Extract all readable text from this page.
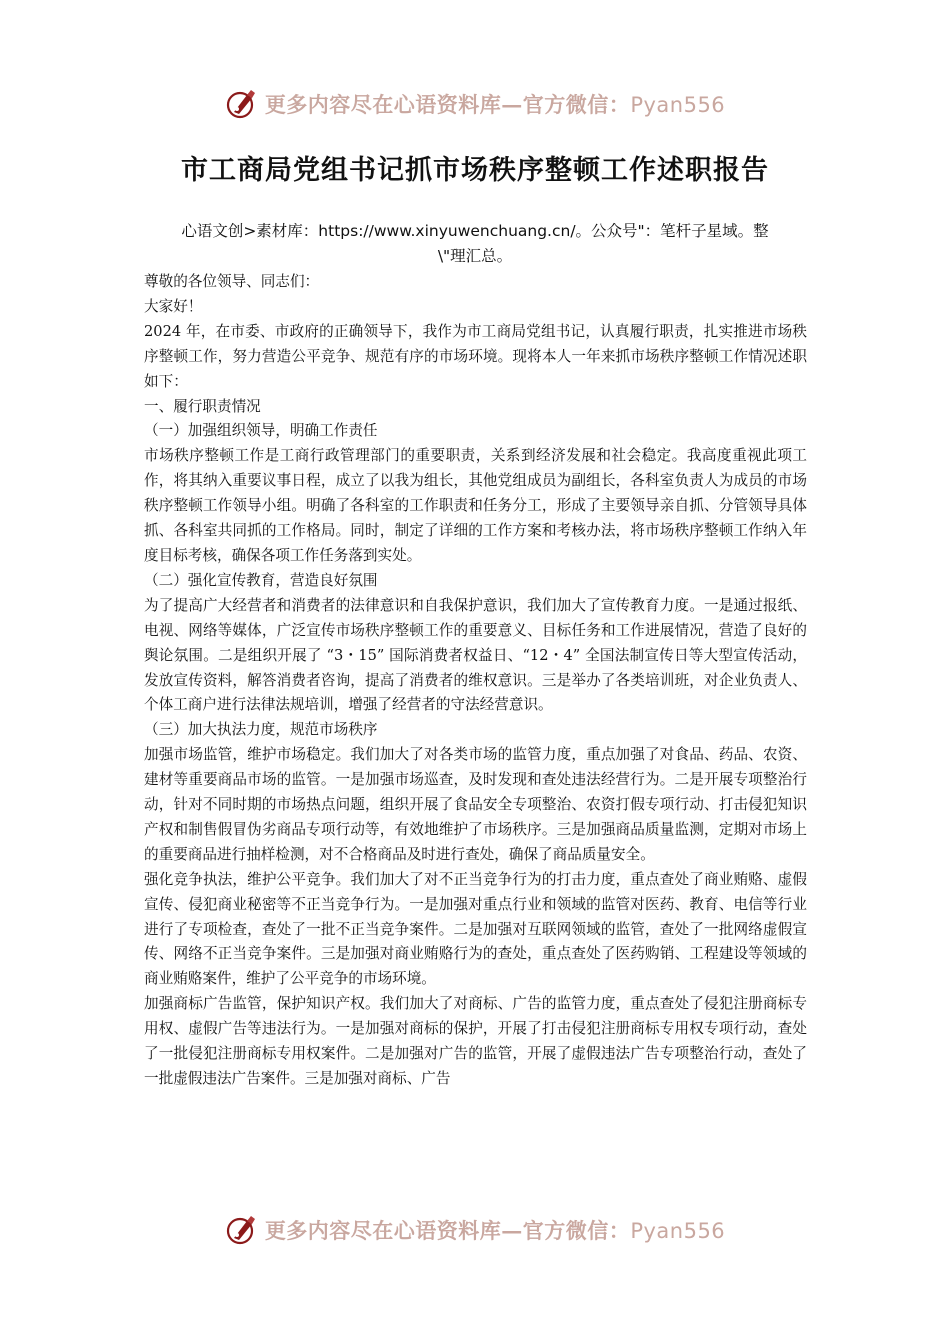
更多内容尽在心语资料库—官方微信：Pyan556
市工商局党组书记抓市场秩序整顿工作述职报告
心语文创>素材库：https://www.xinyuwenchuang.cn/。公众号"：笔杆子星域。整
\"理汇总。

尊敬的各位领导、同志们：

大家好！

2024 年，在市委、市政府的正确领导下，我作为市工商局党组书记，认真履行职责，扎实推进市场秩序整顿工作，努力营造公平竞争、规范有序的市场环境。现将本人一年来抓市场秩序整顿工作情况述职如下：

一、履行职责情况

（一）加强组织领导，明确工作责任

市场秩序整顿工作是工商行政管理部门的重要职责，关系到经济发展和社会稳定。我高度重视此项工作，将其纳入重要议事日程，成立了以我为组长，其他党组成员为副组长，各科室负责人为成员的市场秩序整顿工作领导小组。明确了各科室的工作职责和任务分工，形成了主要领导亲自抓、分管领导具体抓、各科室共同抓的工作格局。同时，制定了详细的工作方案和考核办法，将市场秩序整顿工作纳入年度目标考核，确保各项工作任务落到实处。

（二）强化宣传教育，营造良好氛围

为了提高广大经营者和消费者的法律意识和自我保护意识，我们加大了宣传教育力度。一是通过报纸、电视、网络等媒体，广泛宣传市场秩序整顿工作的重要意义、目标任务和工作进展情况，营造了良好的舆论氛围。二是组织开展了 “3・15” 国际消费者权益日、“12・4” 全国法制宣传日等大型宣传活动，发放宣传资料，解答消费者咨询，提高了消费者的维权意识。三是举办了各类培训班，对企业负责人、个体工商户进行法律法规培训，增强了经营者的守法经营意识。

（三）加大执法力度，规范市场秩序

加强市场监管，维护市场稳定。我们加大了对各类市场的监管力度，重点加强了对食品、药品、农资、建材等重要商品市场的监管。一是加强市场巡查，及时发现和查处违法经营行为。二是开展专项整治行动，针对不同时期的市场热点问题，组织开展了食品安全专项整治、农资打假专项行动、打击侵犯知识产权和制售假冒伪劣商品专项行动等，有效地维护了市场秩序。三是加强商品质量监测，定期对市场上的重要商品进行抽样检测，对不合格商品及时进行查处，确保了商品质量安全。

强化竞争执法，维护公平竞争。我们加大了对不正当竞争行为的打击力度，重点查处了商业贿赂、虚假宣传、侵犯商业秘密等不正当竞争行为。一是加强对重点行业和领域的监管对医药、教育、电信等行业进行了专项检查，查处了一批不正当竞争案件。二是加强对互联网领域的监管，查处了一批网络虚假宣传、网络不正当竞争案件。三是加强对商业贿赂行为的查处，重点查处了医药购销、工程建设等领域的商业贿赂案件，维护了公平竞争的市场环境。

加强商标广告监管，保护知识产权。我们加大了对商标、广告的监管力度，重点查处了侵犯注册商标专用权、虚假广告等违法行为。一是加强对商标的保护，开展了打击侵犯注册商标专用权专项行动，查处了一批侵犯注册商标专用权案件。二是加强对广告的监管，开展了虚假违法广告专项整治行动，查处了一批虚假违法广告案件。三是加强对商标、广告

更多内容尽在心语资料库—官方微信：Pyan556
